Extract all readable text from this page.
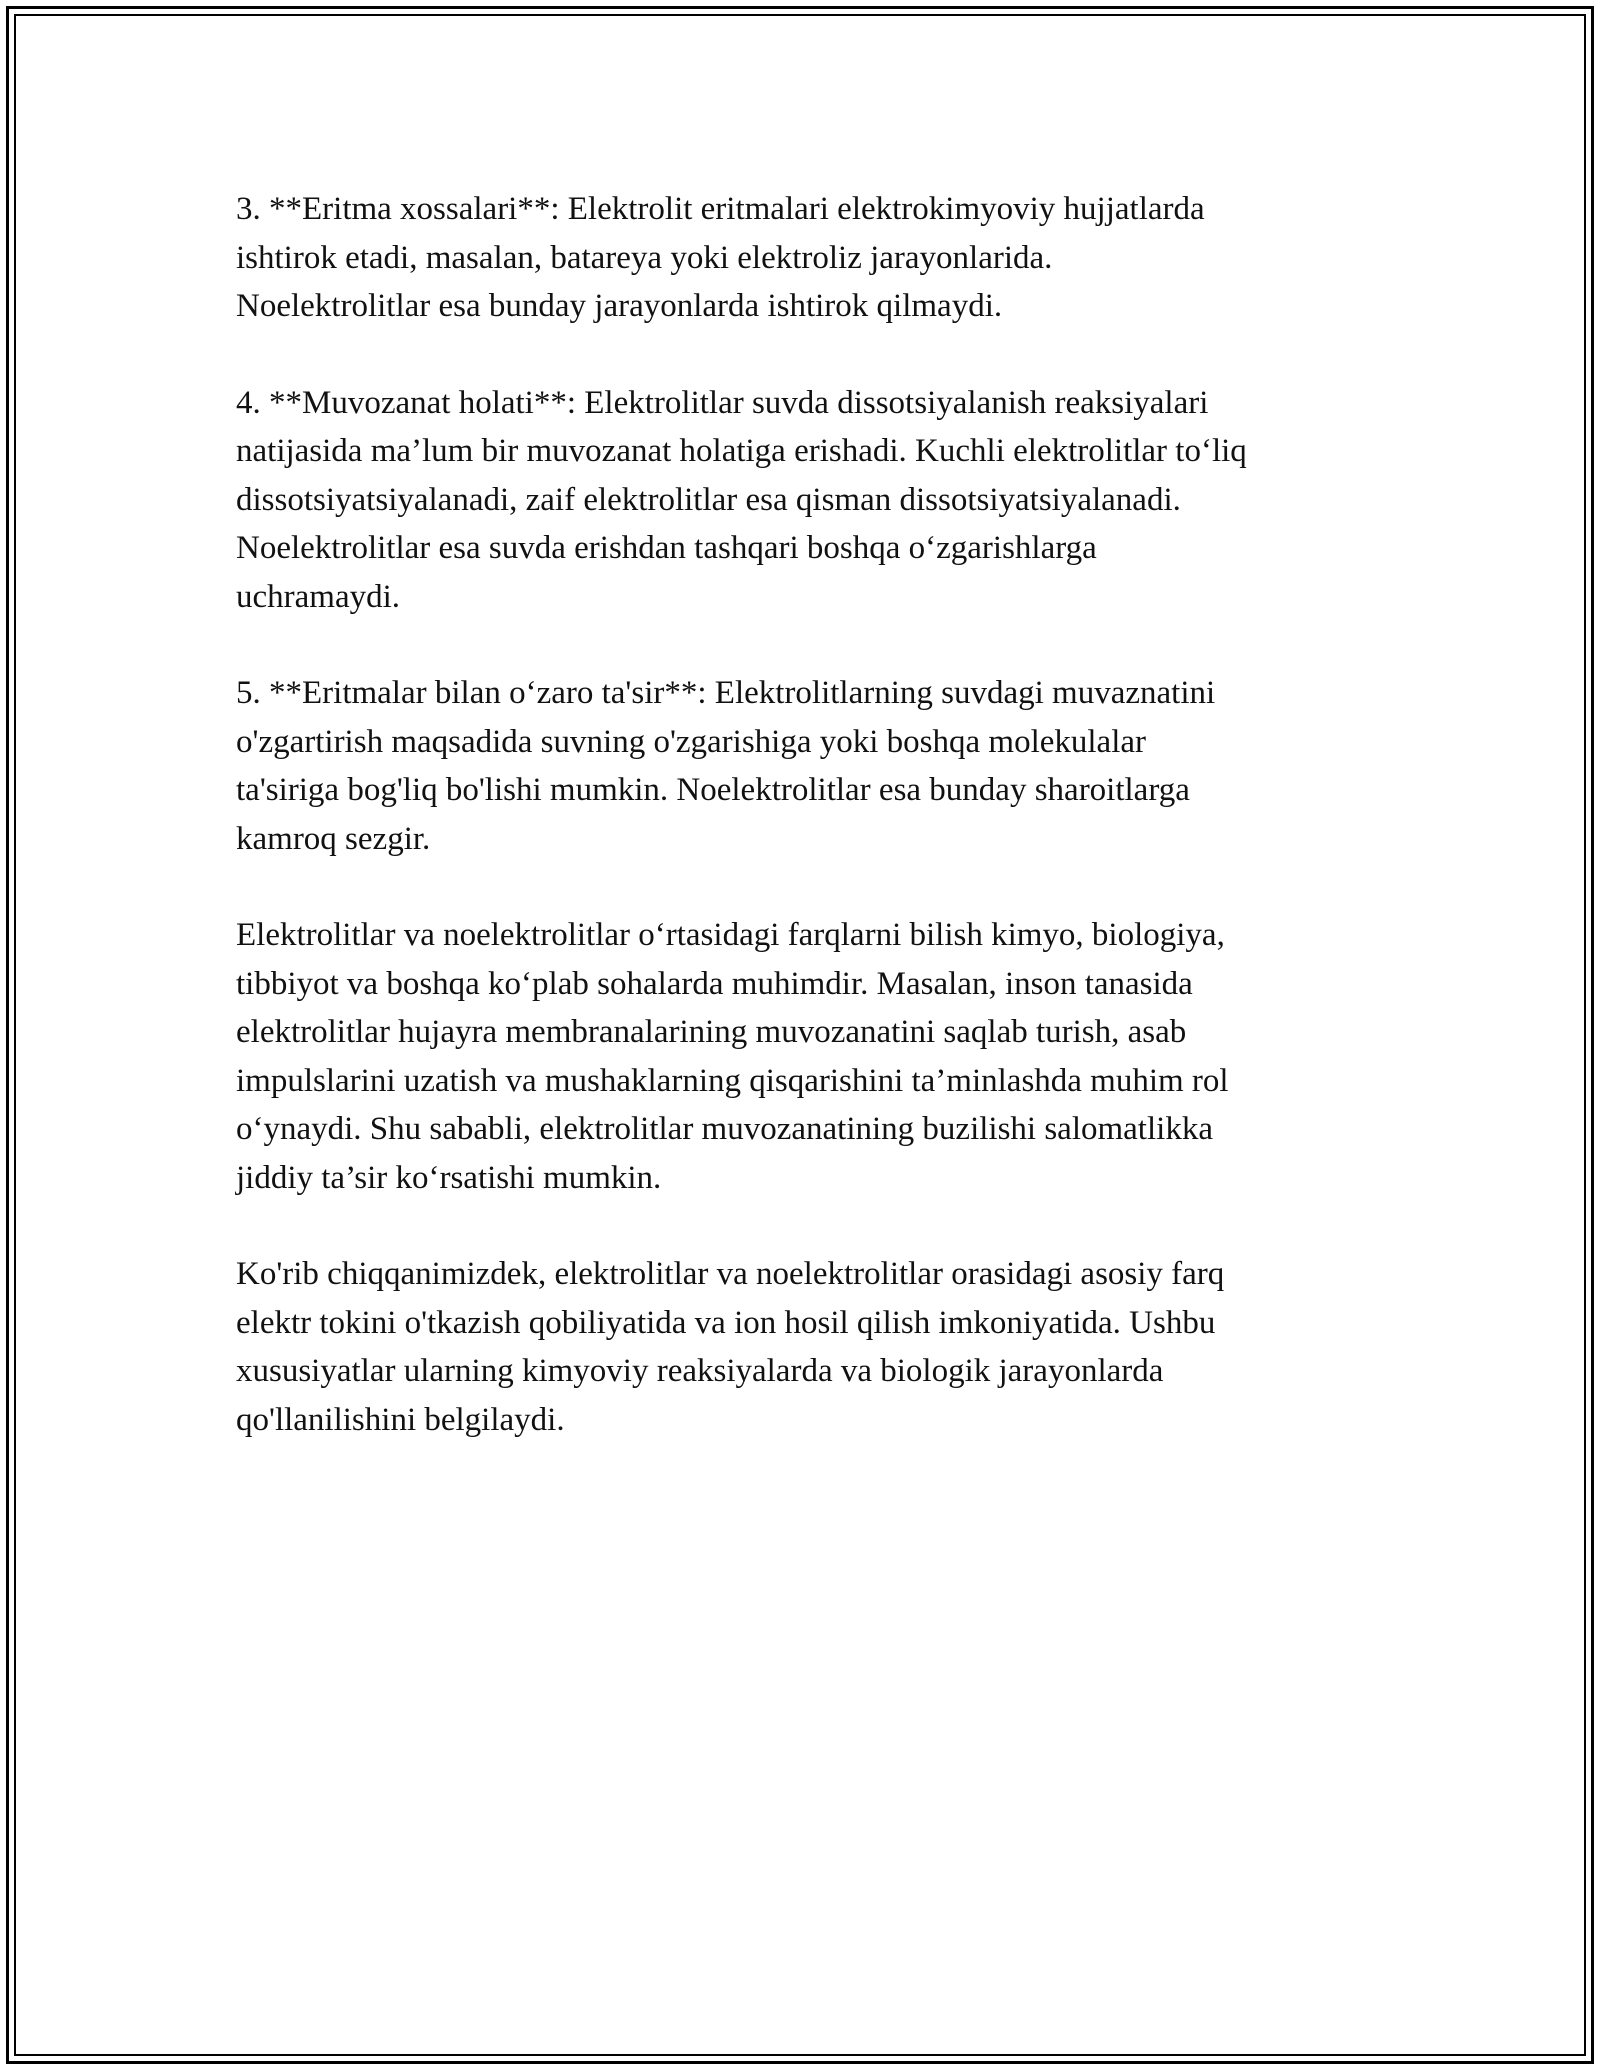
3. **Eritma xossalari**: Elektrolit eritmalari elektrokimyoviy hujjatlarda
ishtirok etadi, masalan, batareya yoki elektroliz jarayonlarida.
Noelektrolitlar esa bunday jarayonlarda ishtirok qilmaydi.

4. **Muvozanat holati**: Elektrolitlar suvda dissotsiyalanish reaksiyalari
natijasida ma’lum bir muvozanat holatiga erishadi. Kuchli elektrolitlar to‘liq
dissotsiyatsiyalanadi, zaif elektrolitlar esa qisman dissotsiyatsiyalanadi.
Noelektrolitlar esa suvda erishdan tashqari boshqa o‘zgarishlarga
uchramaydi.

5. **Eritmalar bilan o‘zaro ta'sir**: Elektrolitlarning suvdagi muvaznatini
o'zgartirish maqsadida suvning o'zgarishiga yoki boshqa molekulalar
ta'siriga bog'liq bo'lishi mumkin. Noelektrolitlar esa bunday sharoitlarga
kamroq sezgir.

Elektrolitlar va noelektrolitlar o‘rtasidagi farqlarni bilish kimyo, biologiya,
tibbiyot va boshqa ko‘plab sohalarda muhimdir. Masalan, inson tanasida
elektrolitlar hujayra membranalarining muvozanatini saqlab turish, asab
impulslarini uzatish va mushaklarning qisqarishini ta’minlashda muhim rol
o‘ynaydi. Shu sababli, elektrolitlar muvozanatining buzilishi salomatlikka
jiddiy ta’sir ko‘rsatishi mumkin.

Ko'rib chiqqanimizdek, elektrolitlar va noelektrolitlar orasidagi asosiy farq
elektr tokini o'tkazish qobiliyatida va ion hosil qilish imkoniyatida. Ushbu
xususiyatlar ularning kimyoviy reaksiyalarda va biologik jarayonlarda
qo'llanilishini belgilaydi.
